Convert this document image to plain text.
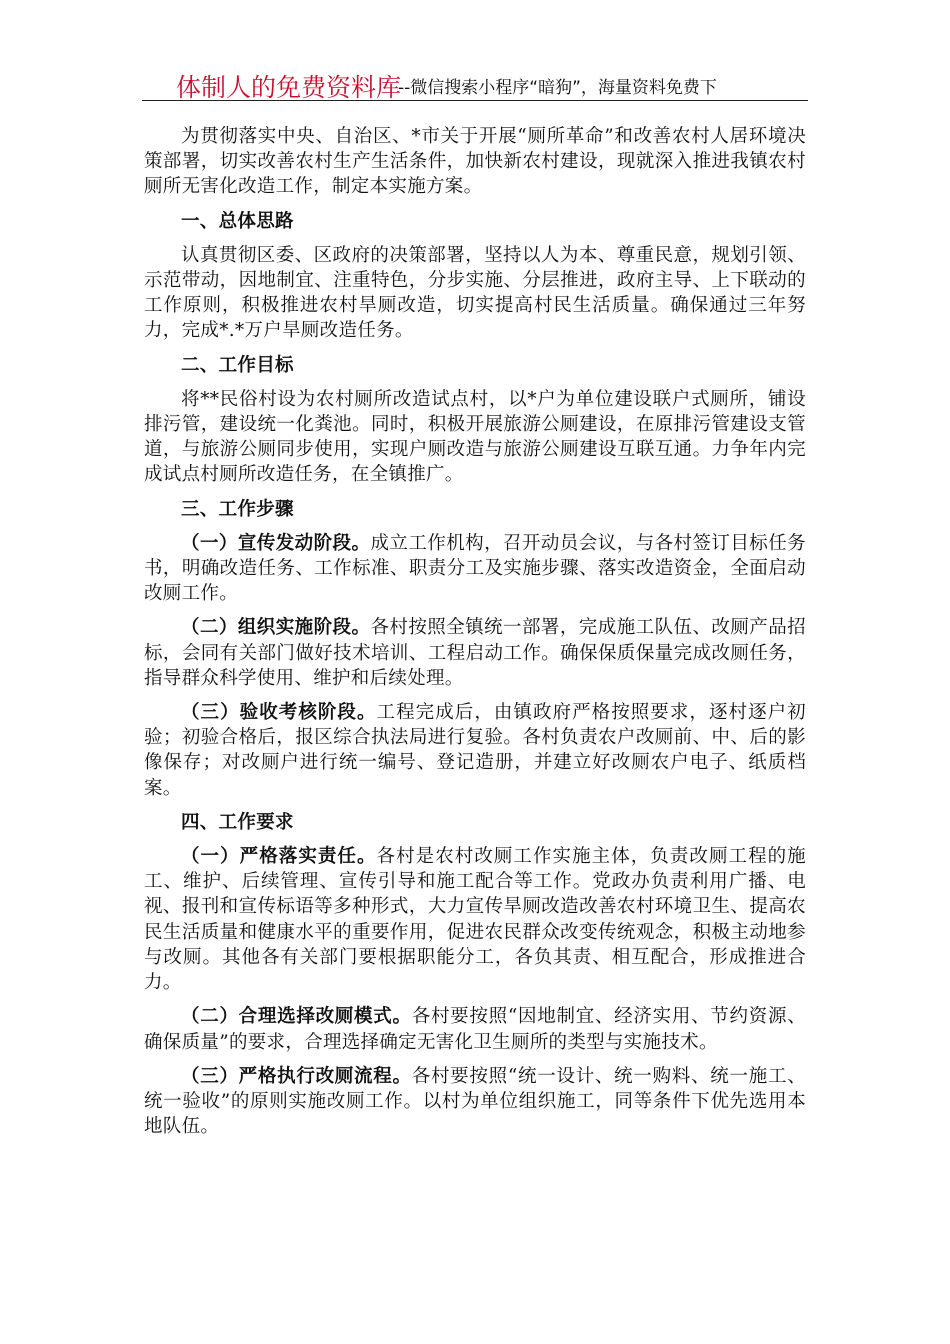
体制人的免费资料库
--微信搜索小程序“暗狗”，海量资料免费下

为贯彻落实中央、自治区、*市关于开展“厕所革命”和改善农村人居环境决策部署，切实改善农村生产生活条件，加快新农村建设，现就深入推进我镇农村厕所无害化改造工作，制定本实施方案。

一、总体思路

认真贯彻区委、区政府的决策部署，坚持以人为本、尊重民意，规划引领、示范带动，因地制宜、注重特色，分步实施、分层推进，政府主导、上下联动的工作原则，积极推进农村旱厕改造，切实提高村民生活质量。确保通过三年努力，完成*.*万户旱厕改造任务。

二、工作目标

将**民俗村设为农村厕所改造试点村，以*户为单位建设联户式厕所，铺设排污管，建设统一化粪池。同时，积极开展旅游公厕建设，在原排污管建设支管道，与旅游公厕同步使用，实现户厕改造与旅游公厕建设互联互通。力争年内完成试点村厕所改造任务，在全镇推广。

三、工作步骤

（一）宣传发动阶段。成立工作机构，召开动员会议，与各村签订目标任务书，明确改造任务、工作标准、职责分工及实施步骤、落实改造资金，全面启动改厕工作。

（二）组织实施阶段。各村按照全镇统一部署，完成施工队伍、改厕产品招标，会同有关部门做好技术培训、工程启动工作。确保保质保量完成改厕任务，指导群众科学使用、维护和后续处理。

（三）验收考核阶段。工程完成后，由镇政府严格按照要求，逐村逐户初验；初验合格后，报区综合执法局进行复验。各村负责农户改厕前、中、后的影像保存；对改厕户进行统一编号、登记造册，并建立好改厕农户电子、纸质档案。

四、工作要求

（一）严格落实责任。各村是农村改厕工作实施主体，负责改厕工程的施工、维护、后续管理、宣传引导和施工配合等工作。党政办负责利用广播、电视、报刊和宣传标语等多种形式，大力宣传旱厕改造改善农村环境卫生、提高农民生活质量和健康水平的重要作用，促进农民群众改变传统观念，积极主动地参与改厕。其他各有关部门要根据职能分工，各负其责、相互配合，形成推进合力。

（二）合理选择改厕模式。各村要按照“因地制宜、经济实用、节约资源、确保质量”的要求，合理选择确定无害化卫生厕所的类型与实施技术。

（三）严格执行改厕流程。各村要按照“统一设计、统一购料、统一施工、统一验收”的原则实施改厕工作。以村为单位组织施工，同等条件下优先选用本地队伍。
